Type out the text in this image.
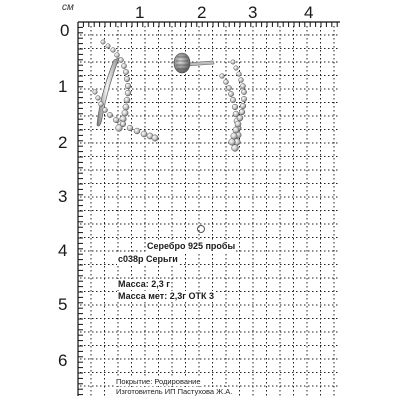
см
0
1	2 3	4
1
2
3
4
5
6
Серебро 925 пробы
с038р Серьги
Масса: 2,3 г
Масса мет: 2,3г ОТК 3
Покрытие: Родирование
Изготовитель ИП Пастухова Ж.А.
